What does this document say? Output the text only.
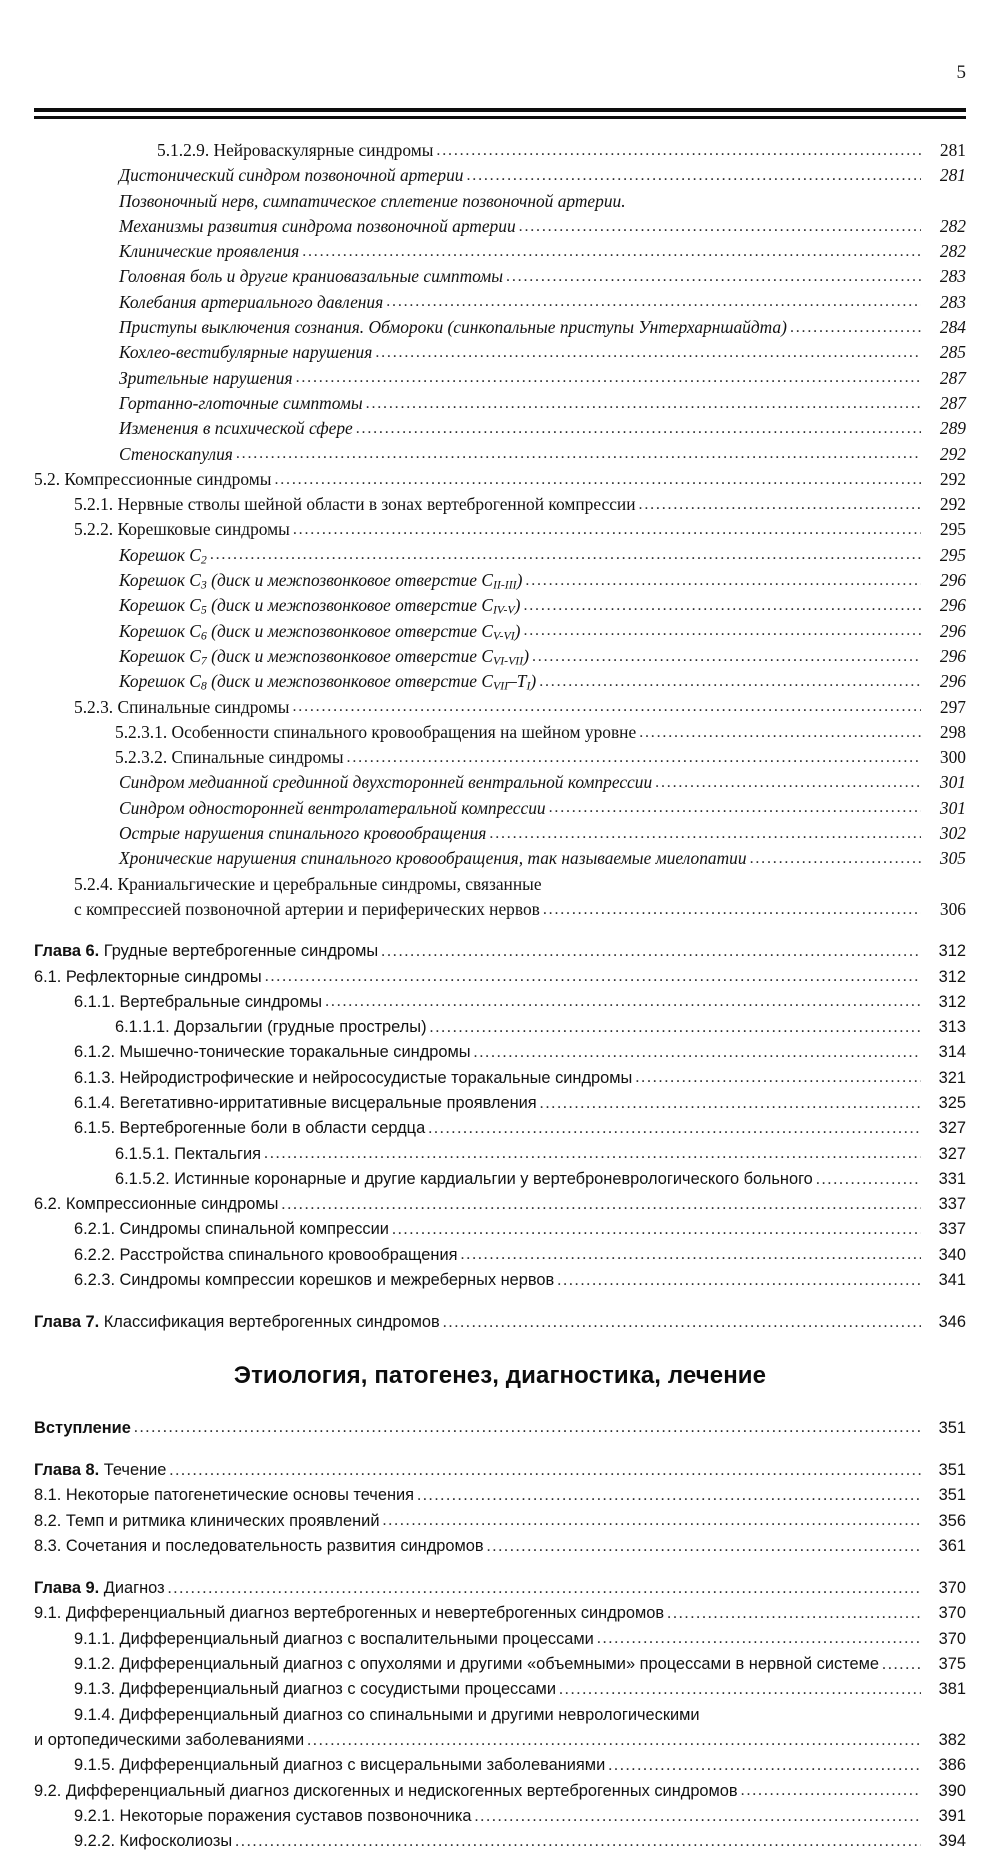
5
5.1.2.9. Нейроваскулярные синдромы . . .	281
Дистонический синдром позвоночной артерии . . .	281
Позвоночный нерв, симпатическое сплетение позвоночной артерии.
Механизмы развития синдрома позвоночной артерии . . .	282
Клинические проявления . . .	282
Головная боль и другие краниовазальные симптомы . . .	283
Колебания артериального давления . . .	283
Приступы выключения сознания. Обмороки (синкопальные приступы Унтерхарншайдта) . . .	284
Кохлео-вестибулярные нарушения . . .	285
Зрительные нарушения . . .	287
Гортанно-глоточные симптомы . . .	287
Изменения в психической сфере . . .	289
Стеноскапулия . . .	292
5.2. Компрессионные синдромы . . .	292
5.2.1. Нервные стволы шейной области в зонах вертеброгенной компрессии . . .	292
5.2.2. Корешковые синдромы . . .	295
Корешок $C_2$ . . .	295
Корешок $C_3$ (диск и межпозвонковое отверстие $C_{II-III}$) . . .	296
Корешок $C_5$ (диск и межпозвонковое отверстие $C_{IV-V}$) . . .	296
Корешок $C_6$ (диск и межпозвонковое отверстие $C_{V-VI}$) . . .	296
Корешок $C_7$ (диск и межпозвонковое отверстие $C_{VI-VII}$) . . .	296
Корешок $C_8$ (диск и межпозвонковое отверстие $C_{VII}-T_I$) . . .	296
5.2.3. Спинальные синдромы . . .	297
5.2.3.1. Особенности спинального кровообращения на шейном уровне . . .	298
5.2.3.2. Спинальные синдромы . . .	300
Синдром медианной срединной двухсторонней вентральной компрессии . . .	301
Синдром односторонней вентролатеральной компрессии . . .	301
Острые нарушения спинального кровообращения . . .	302
Хронические нарушения спинального кровообращения, так называемые миелопатии . . .	305
5.2.4. Краниальгические и церебральные синдромы, связанные
с компрессией позвоночной артерии и периферических нервов . . .	306
Глава 6. Грудные вертеброгенные синдромы . . .	312
6.1. Рефлекторные синдромы . . .	312
6.1.1. Вертебральные синдромы . . .	312
6.1.1.1. Дорзальгии (грудные прострелы) . . .	313
6.1.2. Мышечно-тонические торакальные синдромы . . .	314
6.1.3. Нейродистрофические и нейрососудистые торакальные синдромы . . .	321
6.1.4. Вегетативно-ирритативные висцеральные проявления . . .	325
6.1.5. Вертеброгенные боли в области сердца . . .	327
6.1.5.1. Пектальгия . . .	327
6.1.5.2. Истинные коронарные и другие кардиальгии у вертеброневрологического больного . . .	331
6.2. Компрессионные синдромы . . .	337
6.2.1. Синдромы спинальной компрессии . . .	337
6.2.2. Расстройства спинального кровообращения . . .	340
6.2.3. Синдромы компрессии корешков и межреберных нервов . . .	341
Глава 7. Классификация вертеброгенных синдромов . . .	346
Этиология, патогенез, диагностика, лечение
Вступление . . .	351
Глава 8. Течение . . .	351
8.1. Некоторые патогенетические основы течения . . .	351
8.2. Темп и ритмика клинических проявлений . . .	356
8.3. Сочетания и последовательность развития синдромов . . .	361
Глава 9. Диагноз . . .	370
9.1. Дифференциальный диагноз вертеброгенных и невертеброгенных синдромов . . .	370
9.1.1. Дифференциальный диагноз с воспалительными процессами . . .	370
9.1.2. Дифференциальный диагноз с опухолями и другими «объемными» процессами в нервной системе . . .	375
9.1.3. Дифференциальный диагноз с сосудистыми процессами . . .	381
9.1.4. Дифференциальный диагноз со спинальными и другими неврологическими
и ортопедическими заболеваниями . . .	382
9.1.5. Дифференциальный диагноз с висцеральными заболеваниями . . .	386
9.2. Дифференциальный диагноз дискогенных и недискогенных вертеброгенных синдромов . . .	390
9.2.1. Некоторые поражения суставов позвоночника . . .	391
9.2.2. Кифосколиозы . . .	394
